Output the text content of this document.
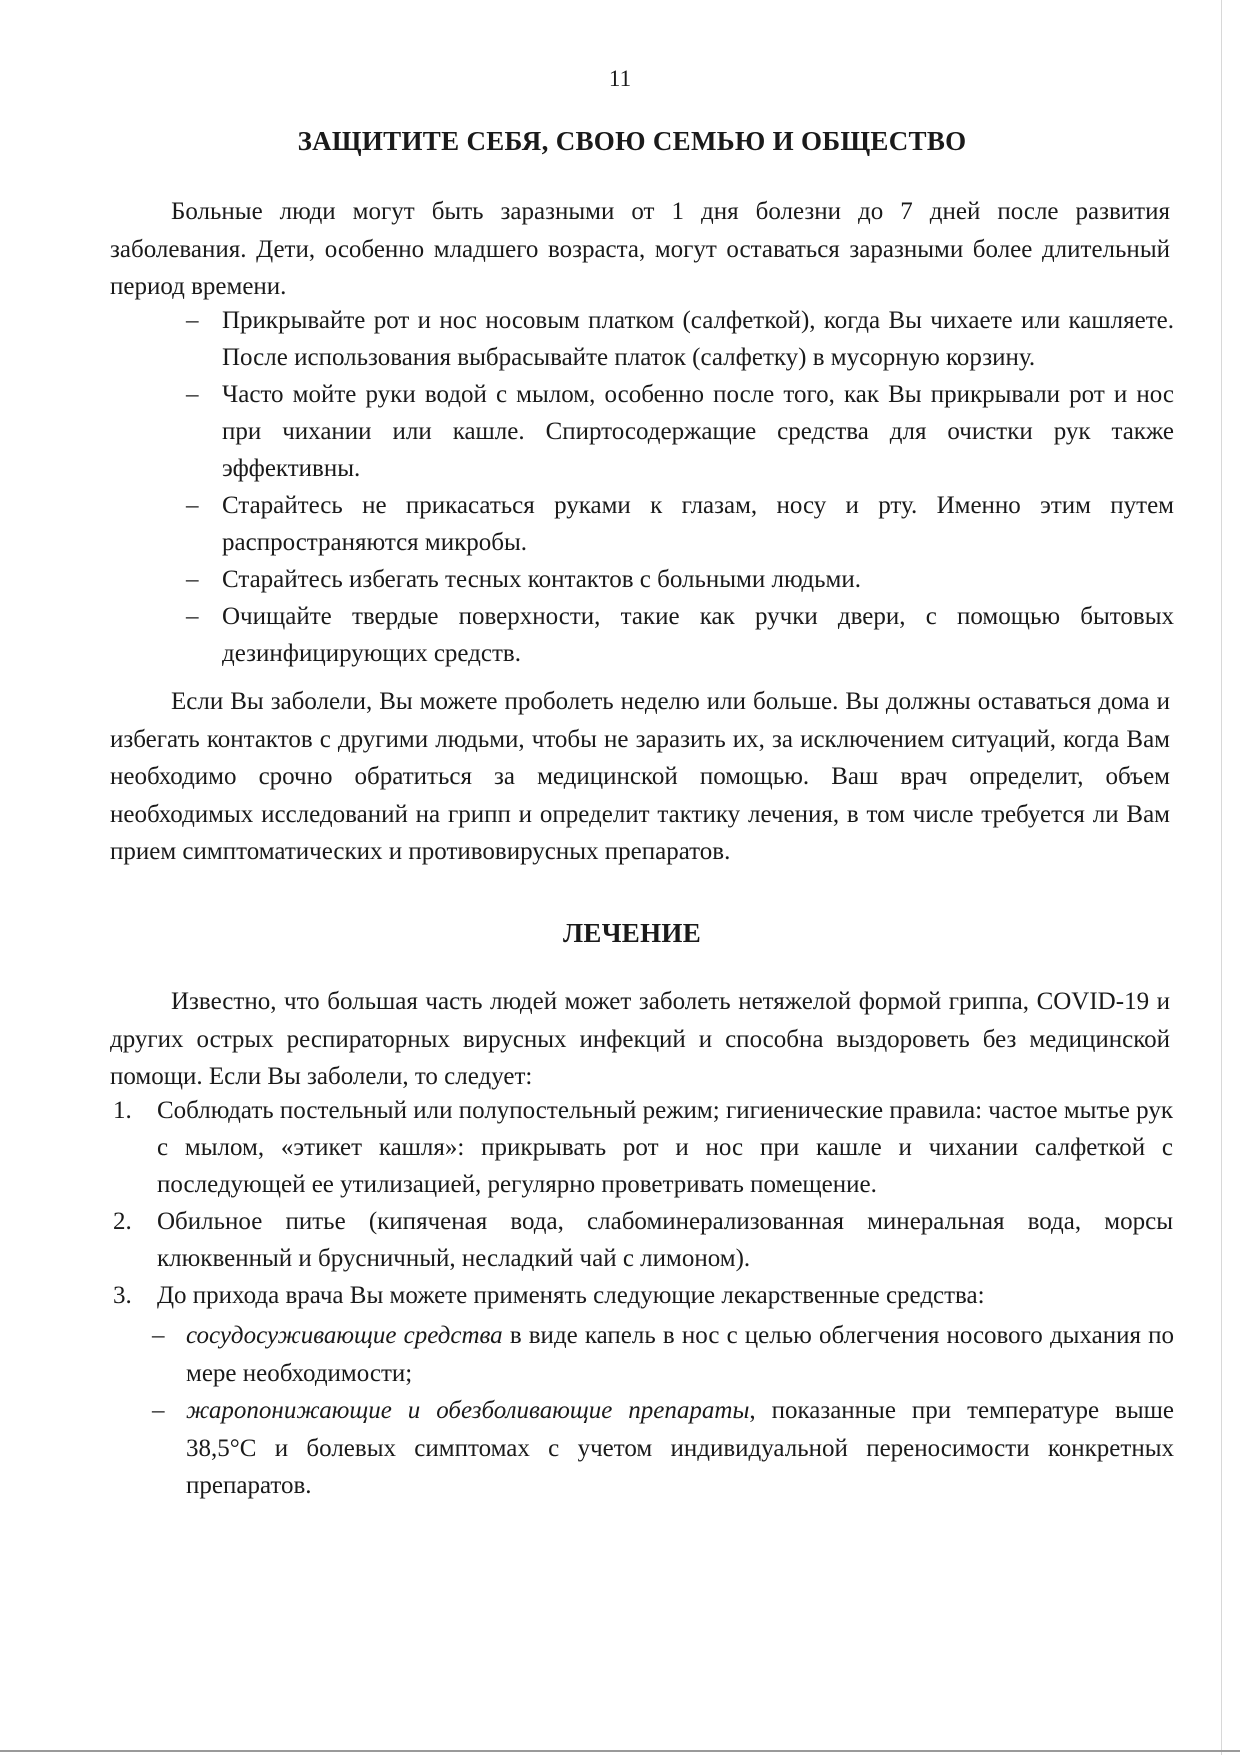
11
ЗАЩИТИТЕ СЕБЯ, СВОЮ СЕМЬЮ И ОБЩЕСТВО
Больные люди могут быть заразными от 1 дня болезни до 7 дней после развития заболевания. Дети, особенно младшего возраста, могут оставаться заразными более длительный период времени.
– Прикрывайте рот и нос носовым платком (салфеткой), когда Вы чихаете или кашляете. После использования выбрасывайте платок (салфетку) в мусорную корзину.
– Часто мойте руки водой с мылом, особенно после того, как Вы прикрывали рот и нос при чихании или кашле. Спиртосодержащие средства для очистки рук также эффективны.
– Старайтесь не прикасаться руками к глазам, носу и рту. Именно этим путем распространяются микробы.
– Старайтесь избегать тесных контактов с больными людьми.
– Очищайте твердые поверхности, такие как ручки двери, с помощью бытовых дезинфицирующих средств.
Если Вы заболели, Вы можете проболеть неделю или больше. Вы должны оставаться дома и избегать контактов с другими людьми, чтобы не заразить их, за исключением ситуаций, когда Вам необходимо срочно обратиться за медицинской помощью. Ваш врач определит, объем необходимых исследований на грипп и определит тактику лечения, в том числе требуется ли Вам прием симптоматических и противовирусных препаратов.
ЛЕЧЕНИЕ
Известно, что большая часть людей может заболеть нетяжелой формой гриппа, COVID-19 и других острых респираторных вирусных инфекций и способна выздороветь без медицинской помощи. Если Вы заболели, то следует:
1. Соблюдать постельный или полупостельный режим; гигиенические правила: частое мытье рук с мылом, «этикет кашля»: прикрывать рот и нос при кашле и чихании салфеткой с последующей ее утилизацией, регулярно проветривать помещение.
2. Обильное питье (кипяченая вода, слабоминерализованная минеральная вода, морсы клюквенный и брусничный, несладкий чай с лимоном).
3. До прихода врача Вы можете применять следующие лекарственные средства:
– сосудосуживающие средства в виде капель в нос с целью облегчения носового дыхания по мере необходимости;
– жаропонижающие и обезболивающие препараты, показанные при температуре выше 38,5°С и болевых симптомах с учетом индивидуальной переносимости конкретных препаратов.
